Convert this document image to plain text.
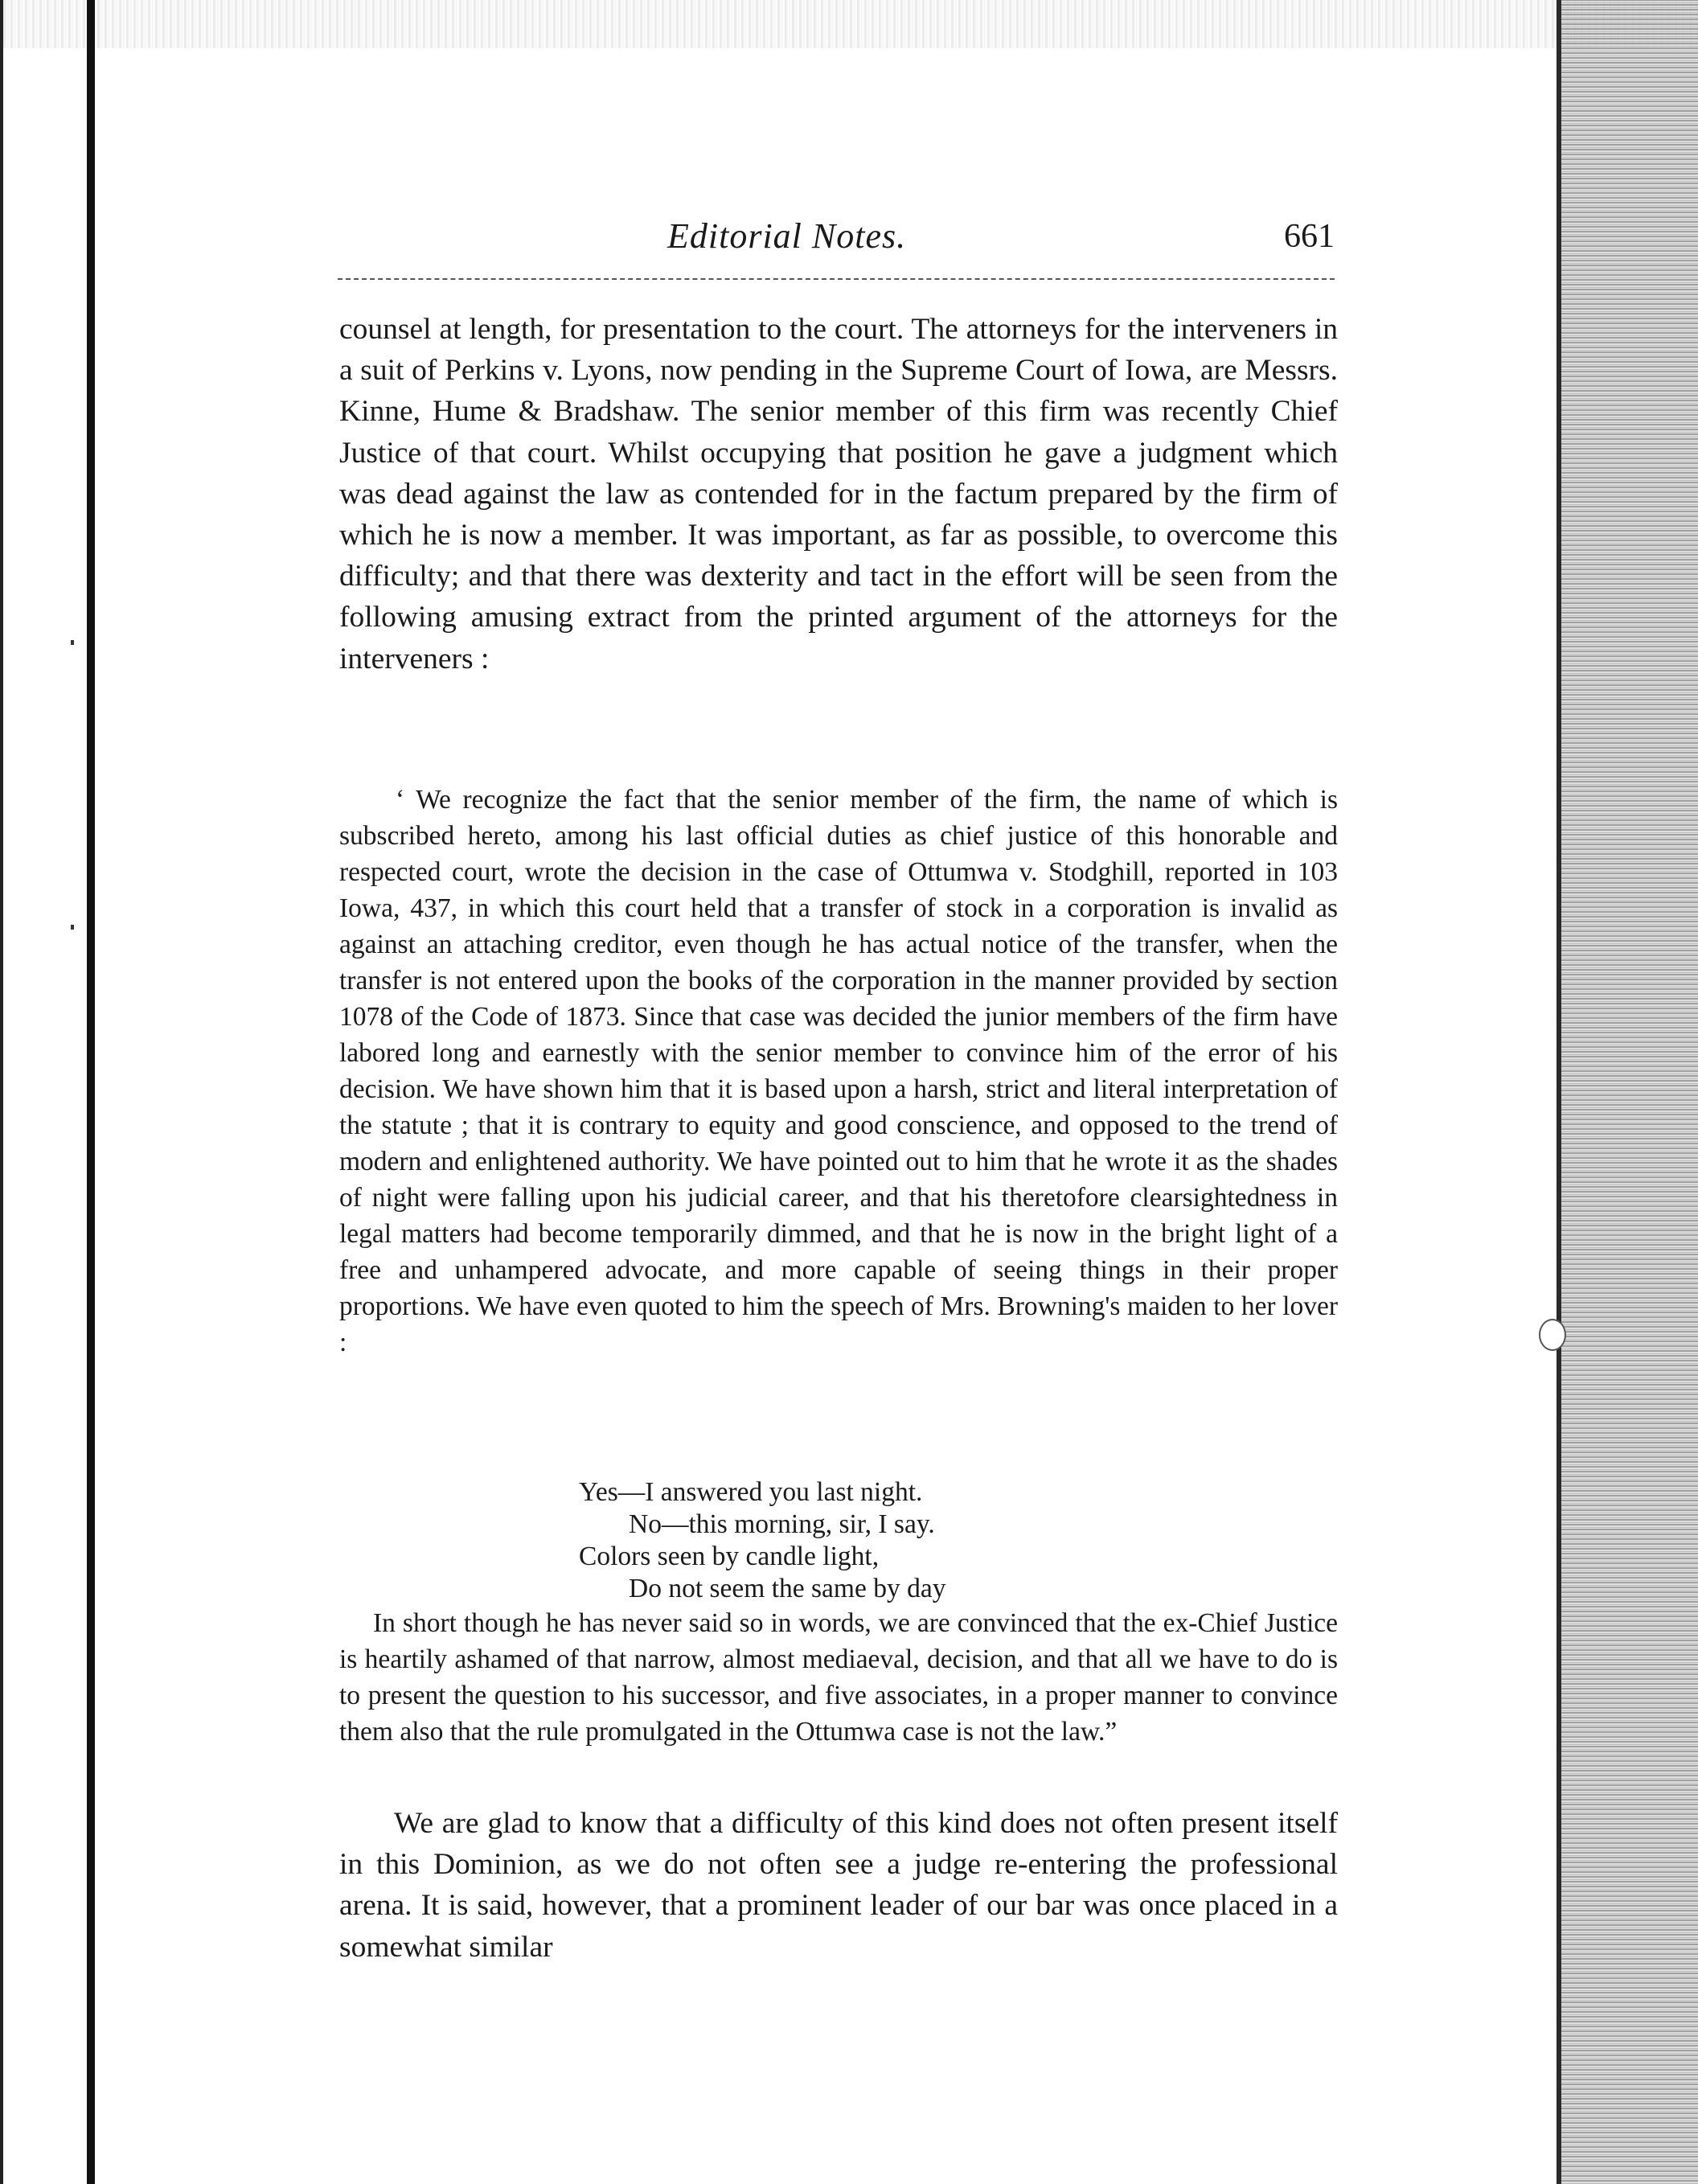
Editorial Notes.	661

counsel at length, for presentation to the court. The attorneys for the interveners in a suit of Perkins v. Lyons, now pending in the Supreme Court of Iowa, are Messrs. Kinne, Hume & Bradshaw. The senior member of this firm was recently Chief Justice of that court. Whilst occupying that position he gave a judgment which was dead against the law as contended for in the factum prepared by the firm of which he is now a member. It was important, as far as possible, to overcome this difficulty; and that there was dexterity and tact in the effort will be seen from the following amusing extract from the printed argument of the attorneys for the interveners :

‘ We recognize the fact that the senior member of the firm, the name of which is subscribed hereto, among his last official duties as chief justice of this honorable and respected court, wrote the decision in the case of Ottumwa v. Stodghill, reported in 103 Iowa, 437, in which this court held that a transfer of stock in a corporation is invalid as against an attaching creditor, even though he has actual notice of the transfer, when the transfer is not entered upon the books of the corporation in the manner provided by section 1078 of the Code of 1873. Since that case was decided the junior members of the firm have labored long and earnestly with the senior member to convince him of the error of his decision. We have shown him that it is based upon a harsh, strict and literal interpretation of the statute ; that it is contrary to equity and good conscience, and opposed to the trend of modern and enlightened authority. We have pointed out to him that he wrote it as the shades of night were falling upon his judicial career, and that his theretofore clearsightedness in legal matters had become temporarily dimmed, and that he is now in the bright light of a free and unhampered advocate, and more capable of seeing things in their proper proportions. We have even quoted to him the speech of Mrs. Browning's maiden to her lover :

Yes—I answered you last night.
No—this morning, sir, I say.
Colors seen by candle light,
Do not seem the same by day

In short though he has never said so in words, we are convinced that the ex-Chief Justice is heartily ashamed of that narrow, almost mediaeval, decision, and that all we have to do is to present the question to his successor, and five associates, in a proper manner to convince them also that the rule promulgated in the Ottumwa case is not the law.”

We are glad to know that a difficulty of this kind does not often present itself in this Dominion, as we do not often see a judge re-entering the professional arena. It is said, however, that a prominent leader of our bar was once placed in a somewhat similar
